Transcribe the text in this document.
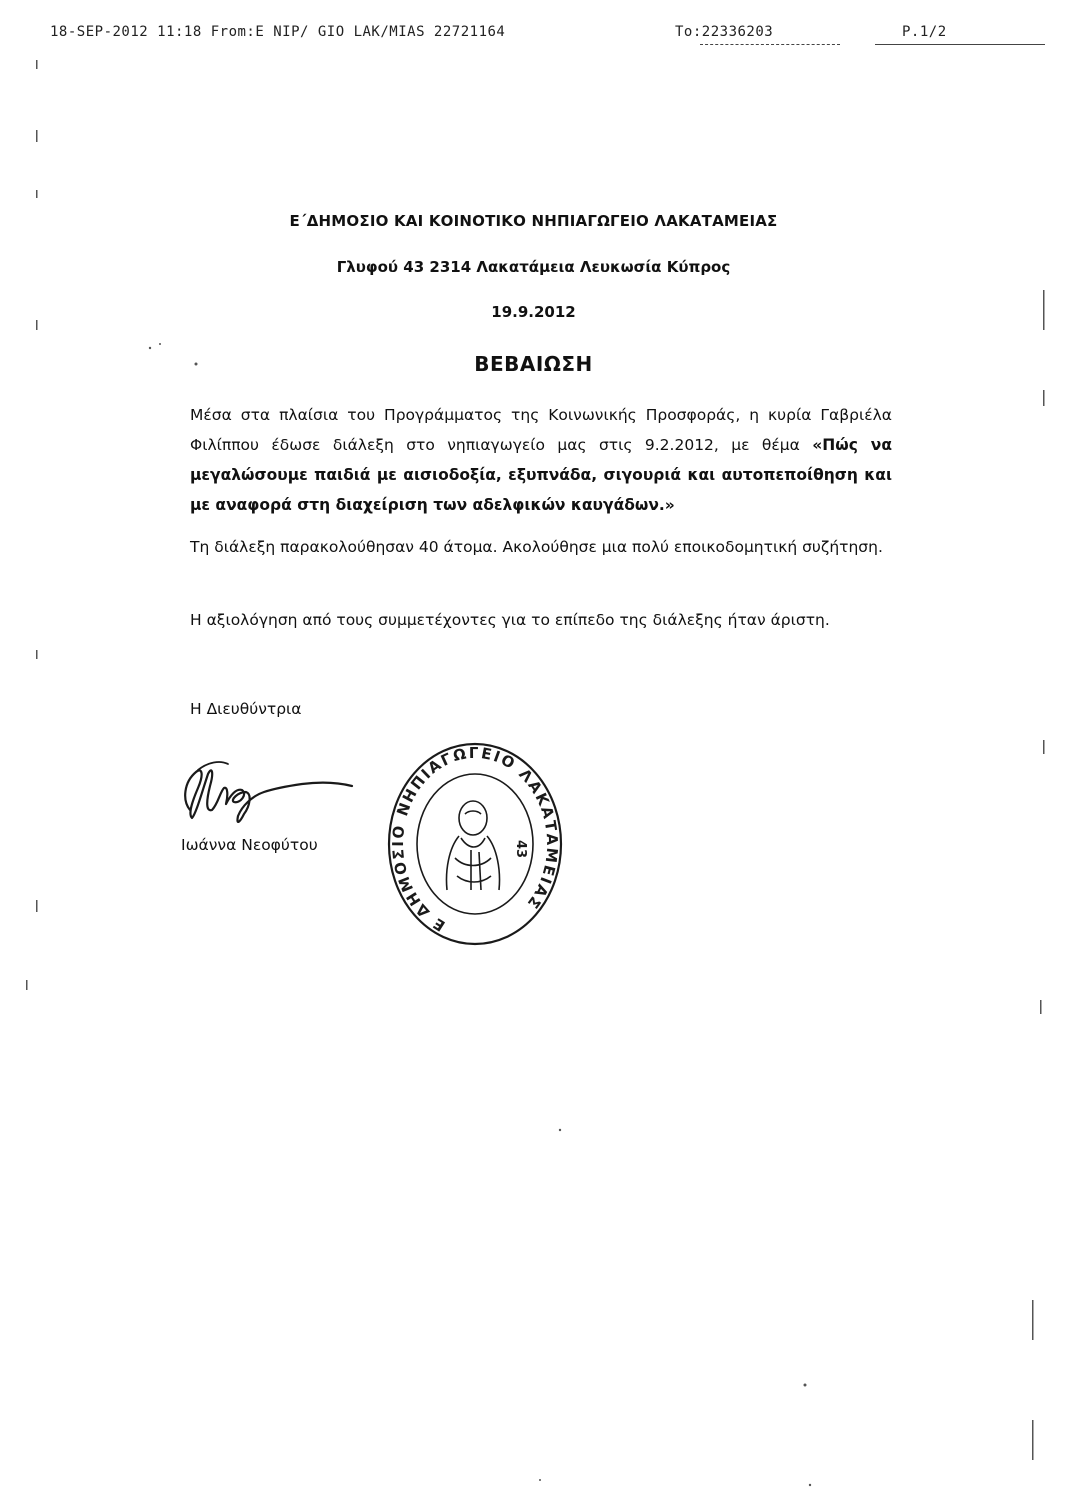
18-SEP-2012 11:18 From:E NIP/ GIO LAK/MIAS 22721164	To:22336203	P.1/2
Ε΄ΔΗΜΟΣΙΟ ΚΑΙ ΚΟΙΝΟΤΙΚΟ ΝΗΠΙΑΓΩΓΕΙΟ ΛΑΚΑΤΑΜΕΙΑΣ
Γλυφού 43 2314 Λακατάμεια Λευκωσία Κύπρος
19.9.2012
ΒΕΒΑΙΩΣΗ

Μέσα στα πλαίσια του Προγράμματος της Κοινωνικής Προσφοράς, η κυρία Γαβριέλα Φιλίππου έδωσε διάλεξη στο νηπιαγωγείο μας στις 9.2.2012, με θέμα «Πώς να μεγαλώσουμε παιδιά με αισιοδοξία, εξυπνάδα, σιγουριά και αυτοπεποίθηση και με αναφορά στη διαχείριση των αδελφικών καυγάδων.»

Τη διάλεξη παρακολούθησαν 40 άτομα. Ακολούθησε μια πολύ εποικοδομητική συζήτηση.

Η αξιολόγηση από τους συμμετέχοντες για το επίπεδο της διάλεξης ήταν άριστη.

Η Διευθύντρια
Ιωάννα Νεοφύτου
Ε ΔΗΜΟΣΙΟ ΝΗΠΙΑΓΩΓΕΙΟ ΛΑΚΑΤΑΜΕΙΑΣ
43
